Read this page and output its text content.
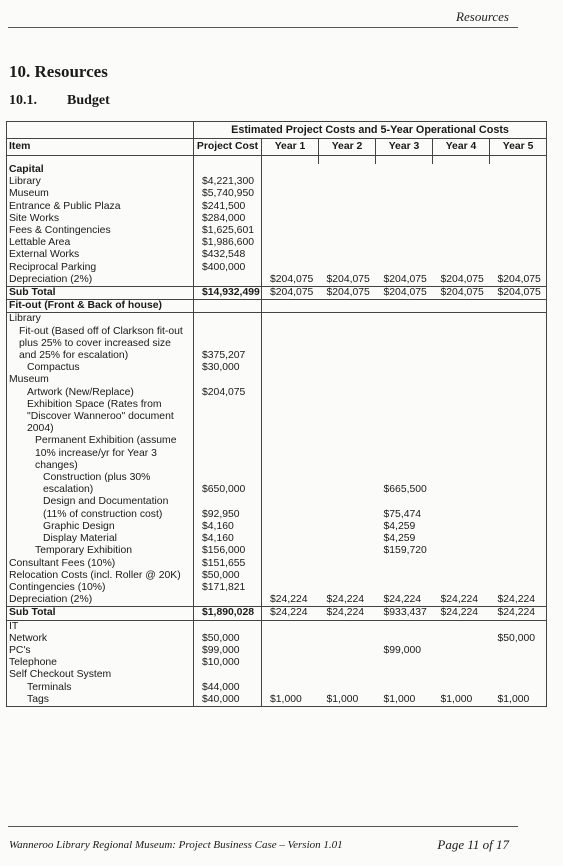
Resources
10. Resources
10.1. Budget
	Estimated Project Costs and 5-Year Operational Costs					
Item	Project Cost	Year 1	Year 2	Year 3	Year 4	Year 5

Capital						
Library	$4,221,300					
Museum	$5,740,950					
Entrance & Public Plaza	$241,500					
Site Works	$284,000					
Fees & Contingencies	$1,625,601					
Lettable Area	$1,986,600					
External Works	$432,548					
Reciprocal Parking	$400,000					
Depreciation (2%)		$204,075	$204,075	$204,075	$204,075	$204,075
Sub Total	$14,932,499	$204,075	$204,075	$204,075	$204,075	$204,075
Fit-out (Front & Back of house)						
Library						
Fit-out (Based off of Clarkson fit-out plus 25% to cover increased size and 25% for escalation)	$375,207					
Compactus	$30,000					
Museum						
Artwork (New/Replace)	$204,075					
Exhibition Space (Rates from "Discover Wanneroo" document 2004)						
Permanent Exhibition (assume 10% increase/yr for Year 3 changes)						
Construction (plus 30% escalation)	$650,000			$665,500		
Design and Documentation (11% of construction cost)	$92,950			$75,474		
Graphic Design	$4,160			$4,259		
Display Material	$4,160			$4,259		
Temporary Exhibition	$156,000			$159,720		
Consultant Fees (10%)	$151,655					
Relocation Costs (incl. Roller @ 20K)	$50,000					
Contingencies (10%)	$171,821					
Depreciation (2%)		$24,224	$24,224	$24,224	$24,224	$24,224
Sub Total	$1,890,028	$24,224	$24,224	$933,437	$24,224	$24,224
IT						
Network	$50,000					$50,000
PC's	$99,000			$99,000		
Telephone	$10,000					
Self Checkout System						
Terminals	$44,000					
Tags	$40,000	$1,000	$1,000	$1,000	$1,000	$1,000
Wanneroo Library Regional Museum: Project Business Case – Version 1.01	Page 11 of 17
